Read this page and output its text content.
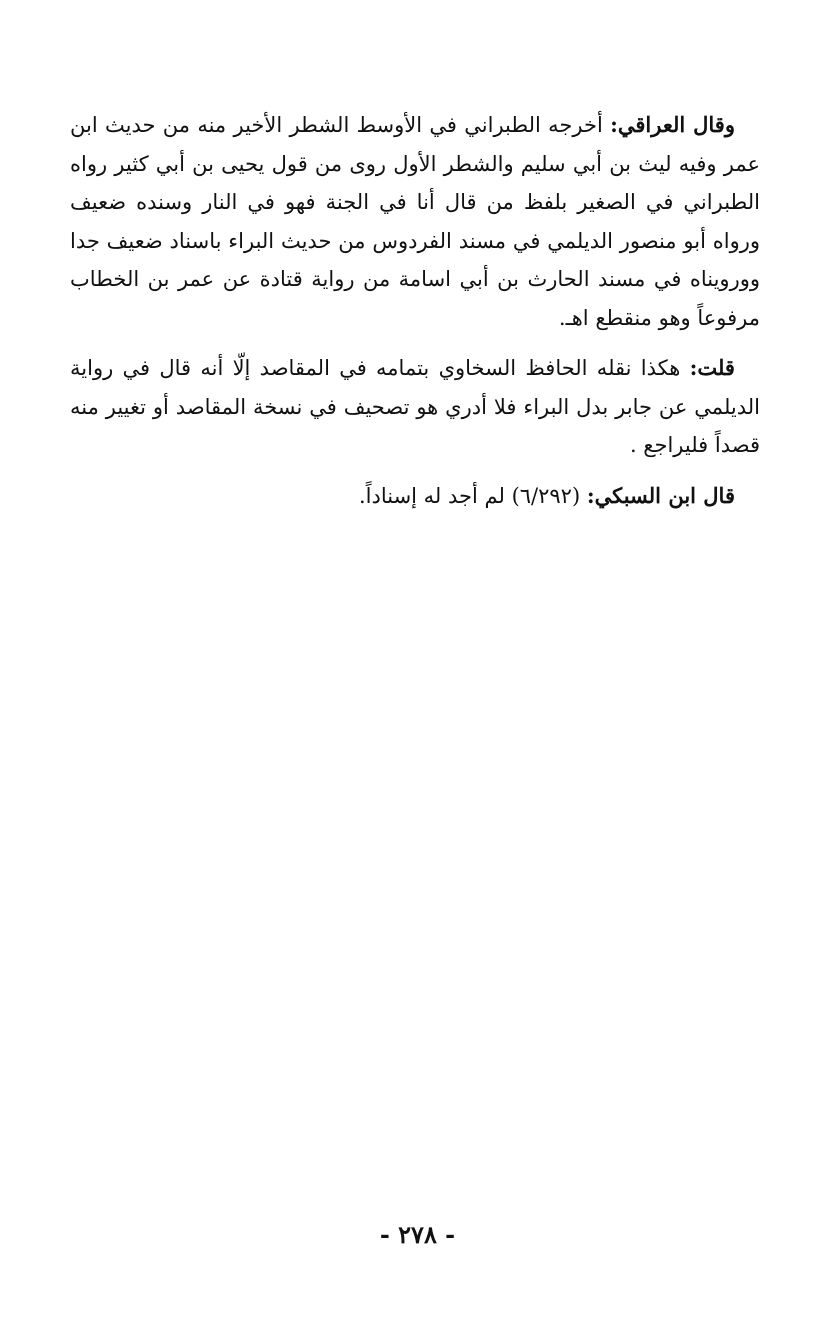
وقال العراقي: أخرجه الطبراني في الأوسط الشطر الأخير منه من حديث ابن عمر وفيه ليث بن أبي سليم والشطر الأول روى من قول يحيى بن أبي كثير رواه الطبراني في الصغير بلفظ من قال أنا في الجنة فهو في النار وسنده ضعيف ورواه أبو منصور الديلمي في مسند الفردوس من حديث البراء باسناد ضعيف جدا وورويناه في مسند الحارث بن أبي اسامة من رواية قتادة عن عمر بن الخطاب مرفوعاً وهو منقطع اهـ.

قلت: هكذا نقله الحافظ السخاوي بتمامه في المقاصد إلّا أنه قال في رواية الديلمي عن جابر بدل البراء فلا أدري هو تصحيف في نسخة المقاصد أو تغيير منه قصداً فليراجع .

قال ابن السبكي: (٦/٢٩٢) لم أجد له إسناداً.

- ٢٧٨ -
